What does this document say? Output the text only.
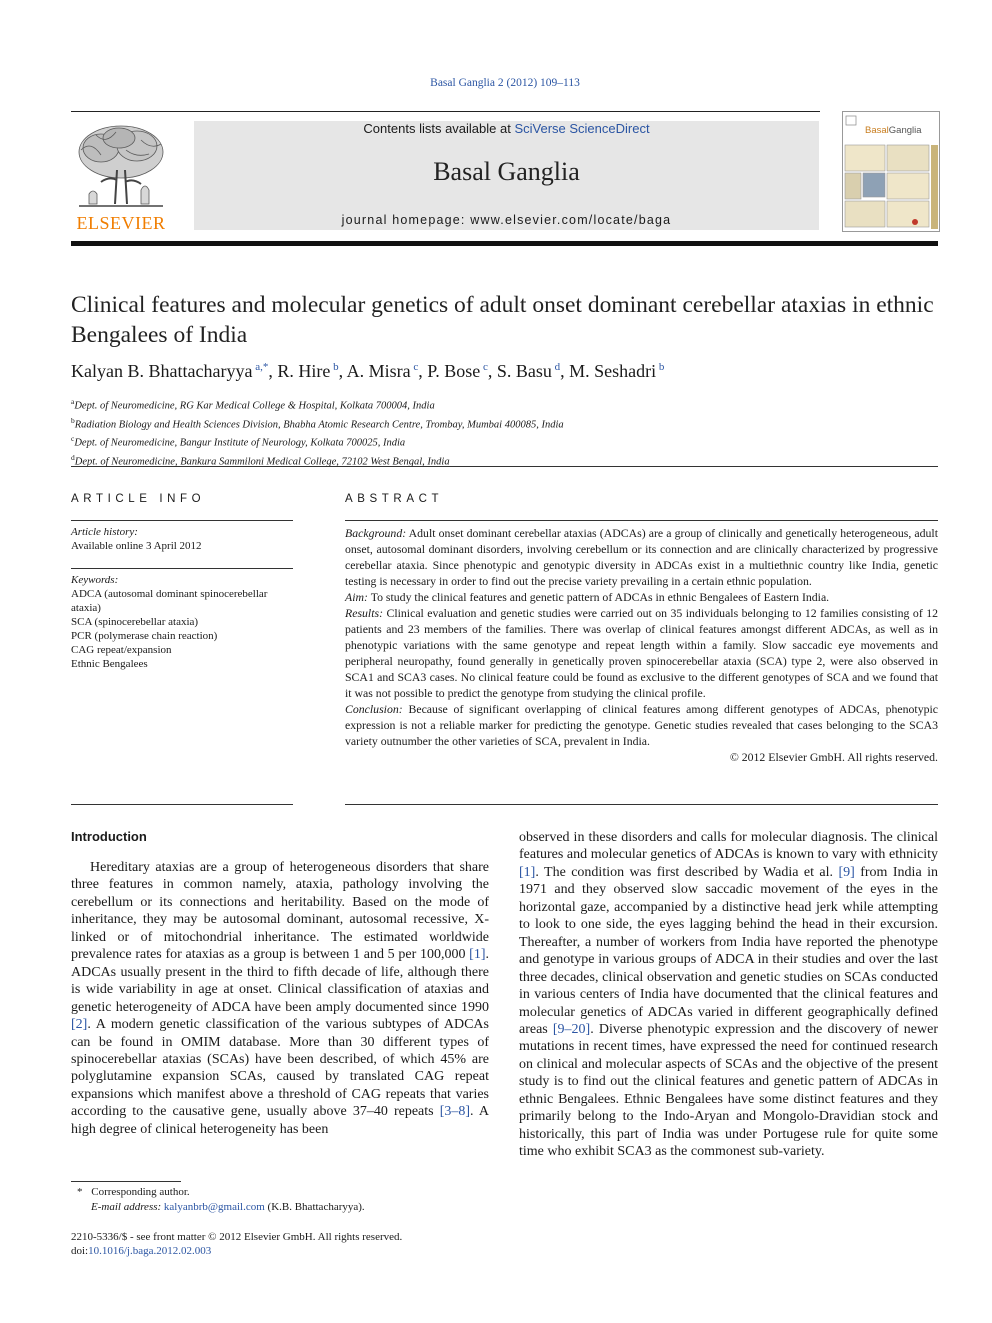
Basal Ganglia 2 (2012) 109–113
ELSEVIER
Contents lists available at SciVerse ScienceDirect
Basal Ganglia
journal homepage: www.elsevier.com/locate/baga
BasalGanglia
Clinical features and molecular genetics of adult onset dominant cerebellar ataxias in ethnic Bengalees of India
Kalyan B. Bhattacharyya $^{a,*}$, R. Hire $^b$, A. Misra $^c$, P. Bose $^c$, S. Basu $^d$, M. Seshadri $^b$
$^a$Dept. of Neuromedicine, RG Kar Medical College & Hospital, Kolkata 700004, India
$^b$Radiation Biology and Health Sciences Division, Bhabha Atomic Research Centre, Trombay, Mumbai 400085, India
$^c$Dept. of Neuromedicine, Bangur Institute of Neurology, Kolkata 700025, India
$^d$Dept. of Neuromedicine, Bankura Sammiloni Medical College, 72102 West Bengal, India
ARTICLE INFO
Article history:
Available online 3 April 2012
Keywords:
ADCA (autosomal dominant spinocerebellar ataxia)
SCA (spinocerebellar ataxia)
PCR (polymerase chain reaction)
CAG repeat/expansion
Ethnic Bengalees
ABSTRACT

Background: Adult onset dominant cerebellar ataxias (ADCAs) are a group of clinically and genetically heterogeneous, adult onset, autosomal dominant disorders, involving cerebellum or its connection and are clinically characterized by progressive cerebellar ataxia. Since phenotypic and genotypic diversity in ADCAs exist in a multiethnic country like India, genetic testing is necessary in order to find out the precise variety prevailing in a certain ethnic population.

Aim: To study the clinical features and genetic pattern of ADCAs in ethnic Bengalees of Eastern India.

Results: Clinical evaluation and genetic studies were carried out on 35 individuals belonging to 12 families consisting of 12 patients and 23 members of the families. There was overlap of clinical features amongst different ADCAs, as well as in phenotypic variations with the same genotype and repeat length within a family. Slow saccadic eye movements and peripheral neuropathy, found generally in genetically proven spinocerebellar ataxia (SCA) type 2, were also observed in SCA1 and SCA3 cases. No clinical feature could be found as exclusive to the different genotypes of SCA and we found that it was not possible to predict the genotype from studying the clinical profile.

Conclusion: Because of significant overlapping of clinical features among different genotypes of ADCAs, phenotypic expression is not a reliable marker for predicting the genotype. Genetic studies revealed that cases belonging to the SCA3 variety outnumber the other varieties of SCA, prevalent in India.

© 2012 Elsevier GmbH. All rights reserved.

Introduction

Hereditary ataxias are a group of heterogeneous disorders that share three features in common namely, ataxia, pathology involving the cerebellum or its connections and heritability. Based on the mode of inheritance, they may be autosomal dominant, autosomal recessive, X-linked or of mitochondrial inheritance. The estimated worldwide prevalence rates for ataxias as a group is between 1 and 5 per 100,000 [1]. ADCAs usually present in the third to fifth decade of life, although there is wide variability in age at onset. Clinical classification of ataxias and genetic heterogeneity of ADCA have been amply documented since 1990 [2]. A modern genetic classification of the various subtypes of ADCAs can be found in OMIM database. More than 30 different types of spinocerebellar ataxias (SCAs) have been described, of which 45% are polyglutamine expansion SCAs, caused by translated CAG repeat expansions which manifest above a threshold of CAG repeats that varies according to the causative gene, usually above 37–40 repeats [3–8]. A high degree of clinical heterogeneity has been

observed in these disorders and calls for molecular diagnosis. The clinical features and molecular genetics of ADCAs is known to vary with ethnicity [1]. The condition was first described by Wadia et al. [9] from India in 1971 and they observed slow saccadic movement of the eyes in the horizontal gaze, accompanied by a distinctive head jerk while attempting to look to one side, the eyes lagging behind the head in their excursion. Thereafter, a number of workers from India have reported the phenotype and genotype in various groups of ADCA in their studies and over the last three decades, clinical observation and genetic studies on SCAs conducted in various centers of India have documented that the clinical features and molecular genetics of ADCAs varied in different geographically defined areas [9–20]. Diverse phenotypic expression and the discovery of newer mutations in recent times, have expressed the need for continued research on clinical and molecular aspects of SCAs and the objective of the present study is to find out the clinical features and genetic pattern of ADCAs in ethnic Bengalees. Ethnic Bengalees have some distinct features and they primarily belong to the Indo-Aryan and Mongolo-Dravidian stock and historically, this part of India was under Portugese rule for quite some time who exhibit SCA3 as the commonest sub-variety.

* Corresponding author.
E-mail address: kalyanbrb@gmail.com (K.B. Bhattacharyya).
2210-5336/$ - see front matter © 2012 Elsevier GmbH. All rights reserved.
doi:10.1016/j.baga.2012.02.003
